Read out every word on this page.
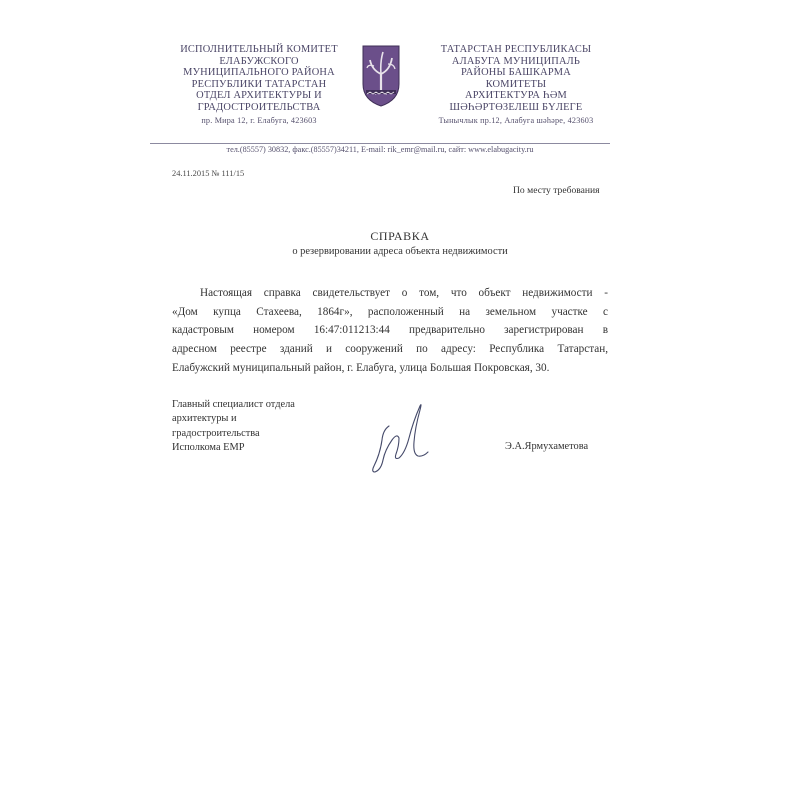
ИСПОЛНИТЕЛЬНЫЙ КОМИТЕТ
ЕЛАБУЖСКОГО
МУНИЦИПАЛЬНОГО РАЙОНА
РЕСПУБЛИКИ ТАТАРСТАН
ОТДЕЛ АРХИТЕКТУРЫ И
ГРАДОСТРОИТЕЛЬСТВА
пр. Мира 12, г. Елабуга, 423603
ТАТАРСТАН РЕСПУБЛИКАСЫ
АЛАБУГА МУНИЦИПАЛЬ
РАЙОНЫ БАШКАРМА
КОМИТЕТЫ
АРХИТЕКТУРА ҺӘМ
ШӘҺӘРТӨЗЕЛЕШ БҮЛЕГЕ
Тынычлык пр.12, Алабуга шәһәре, 423603
тел.(85557) 30832, факс.(85557)34211, E-mail: rik_emr@mail.ru, сайт: www.elabugacity.ru
24.11.2015 № 111/15
По месту требования
СПРАВКА
о резервировании адреса объекта недвижимости
Настоящая справка свидетельствует о том, что объект недвижимости -
«Дом купца Стахеева, 1864г», расположенный на земельном участке с
кадастровым номером 16:47:011213:44 предварительно зарегистрирован в
адресном реестре зданий и сооружений по адресу: Республика Татарстан,
Елабужский муниципальный район, г. Елабуга, улица Большая Покровская, 30.
Главный специалист отдела
архитектуры и
градостроительства
Исполкома ЕМР	Э.А.Ярмухаметова
